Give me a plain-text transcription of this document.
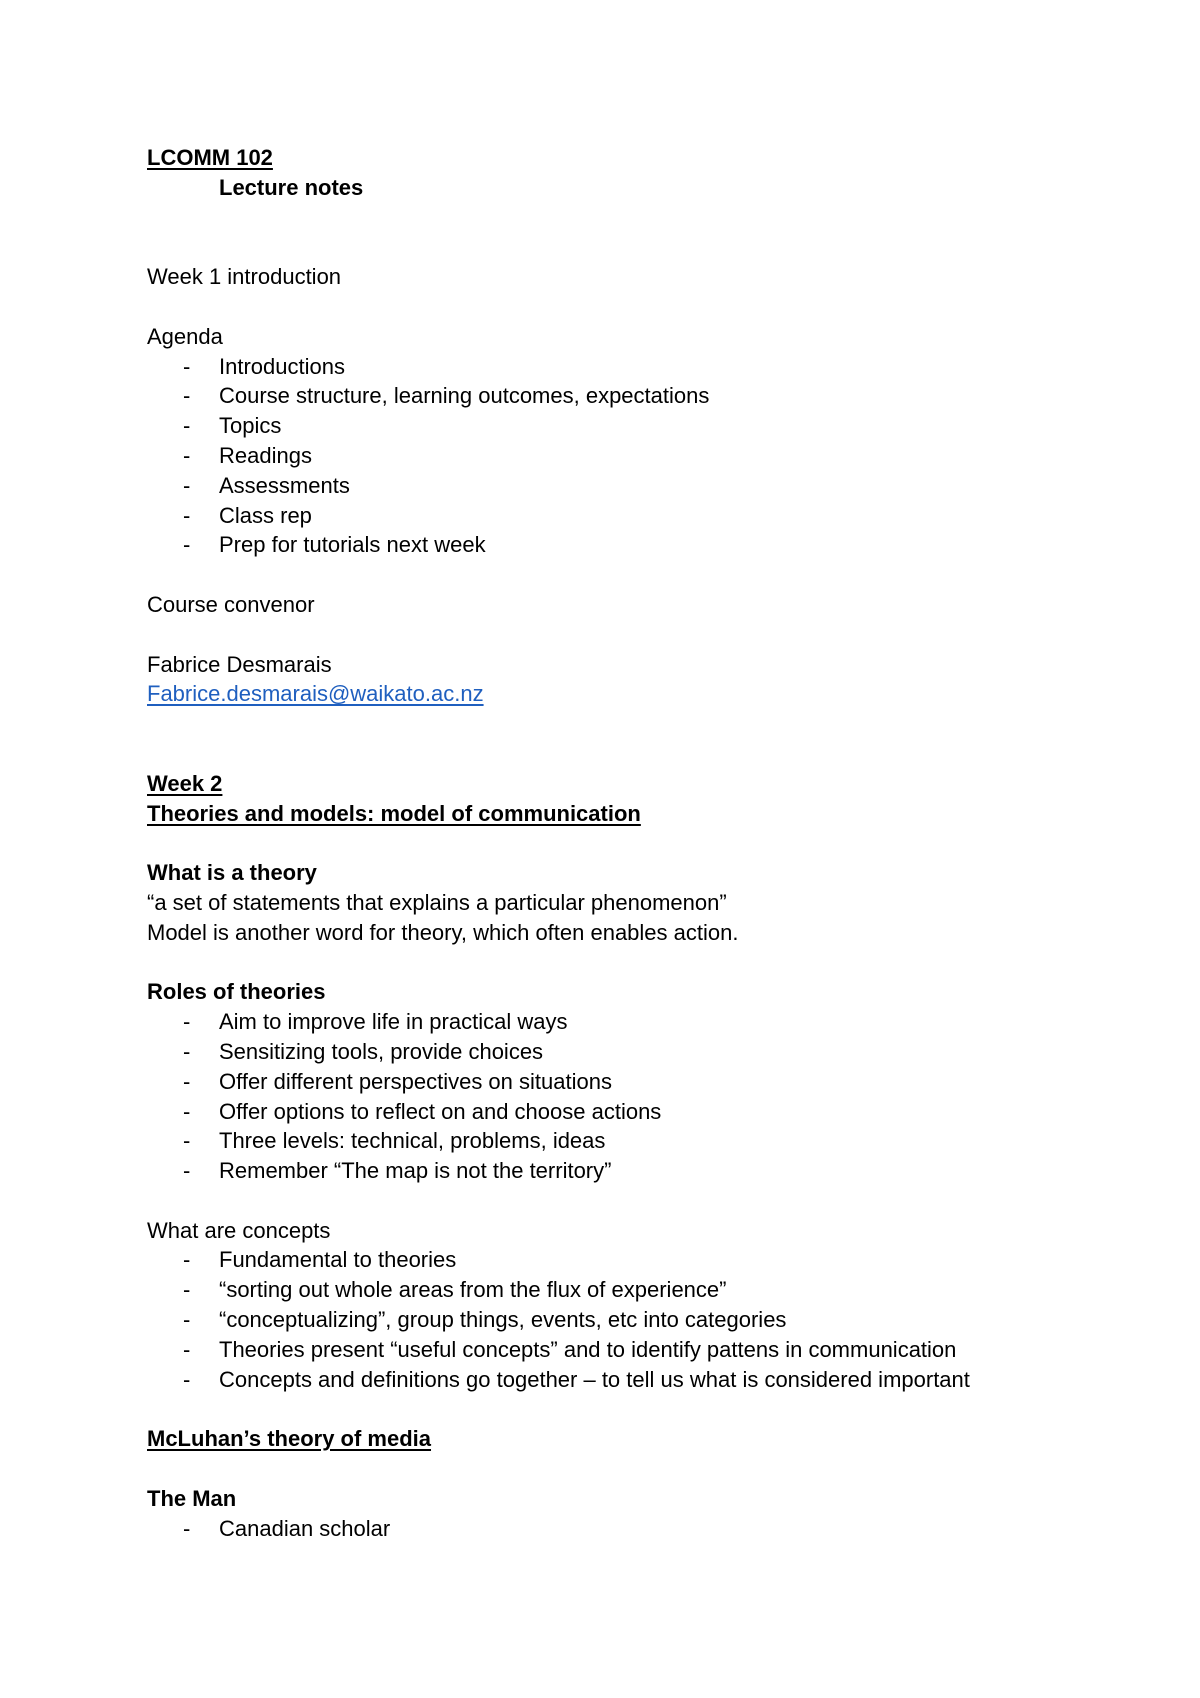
LCOMM 102
Lecture notes
Week 1 introduction
Agenda
- Introductions
- Course structure, learning outcomes, expectations
- Topics
- Readings
- Assessments
- Class rep
- Prep for tutorials next week
Course convenor
Fabrice Desmarais
Fabrice.desmarais@waikato.ac.nz
Week 2
Theories and models: model of communication
What is a theory
“a set of statements that explains a particular phenomenon”
Model is another word for theory, which often enables action.
Roles of theories
- Aim to improve life in practical ways
- Sensitizing tools, provide choices
- Offer different perspectives on situations
- Offer options to reflect on and choose actions
- Three levels: technical, problems, ideas
- Remember “The map is not the territory”
What are concepts
- Fundamental to theories
- “sorting out whole areas from the flux of experience”
- “conceptualizing”, group things, events, etc into categories
- Theories present “useful concepts” and to identify pattens in communication
- Concepts and definitions go together – to tell us what is considered important
McLuhan’s theory of media
The Man
- Canadian scholar
